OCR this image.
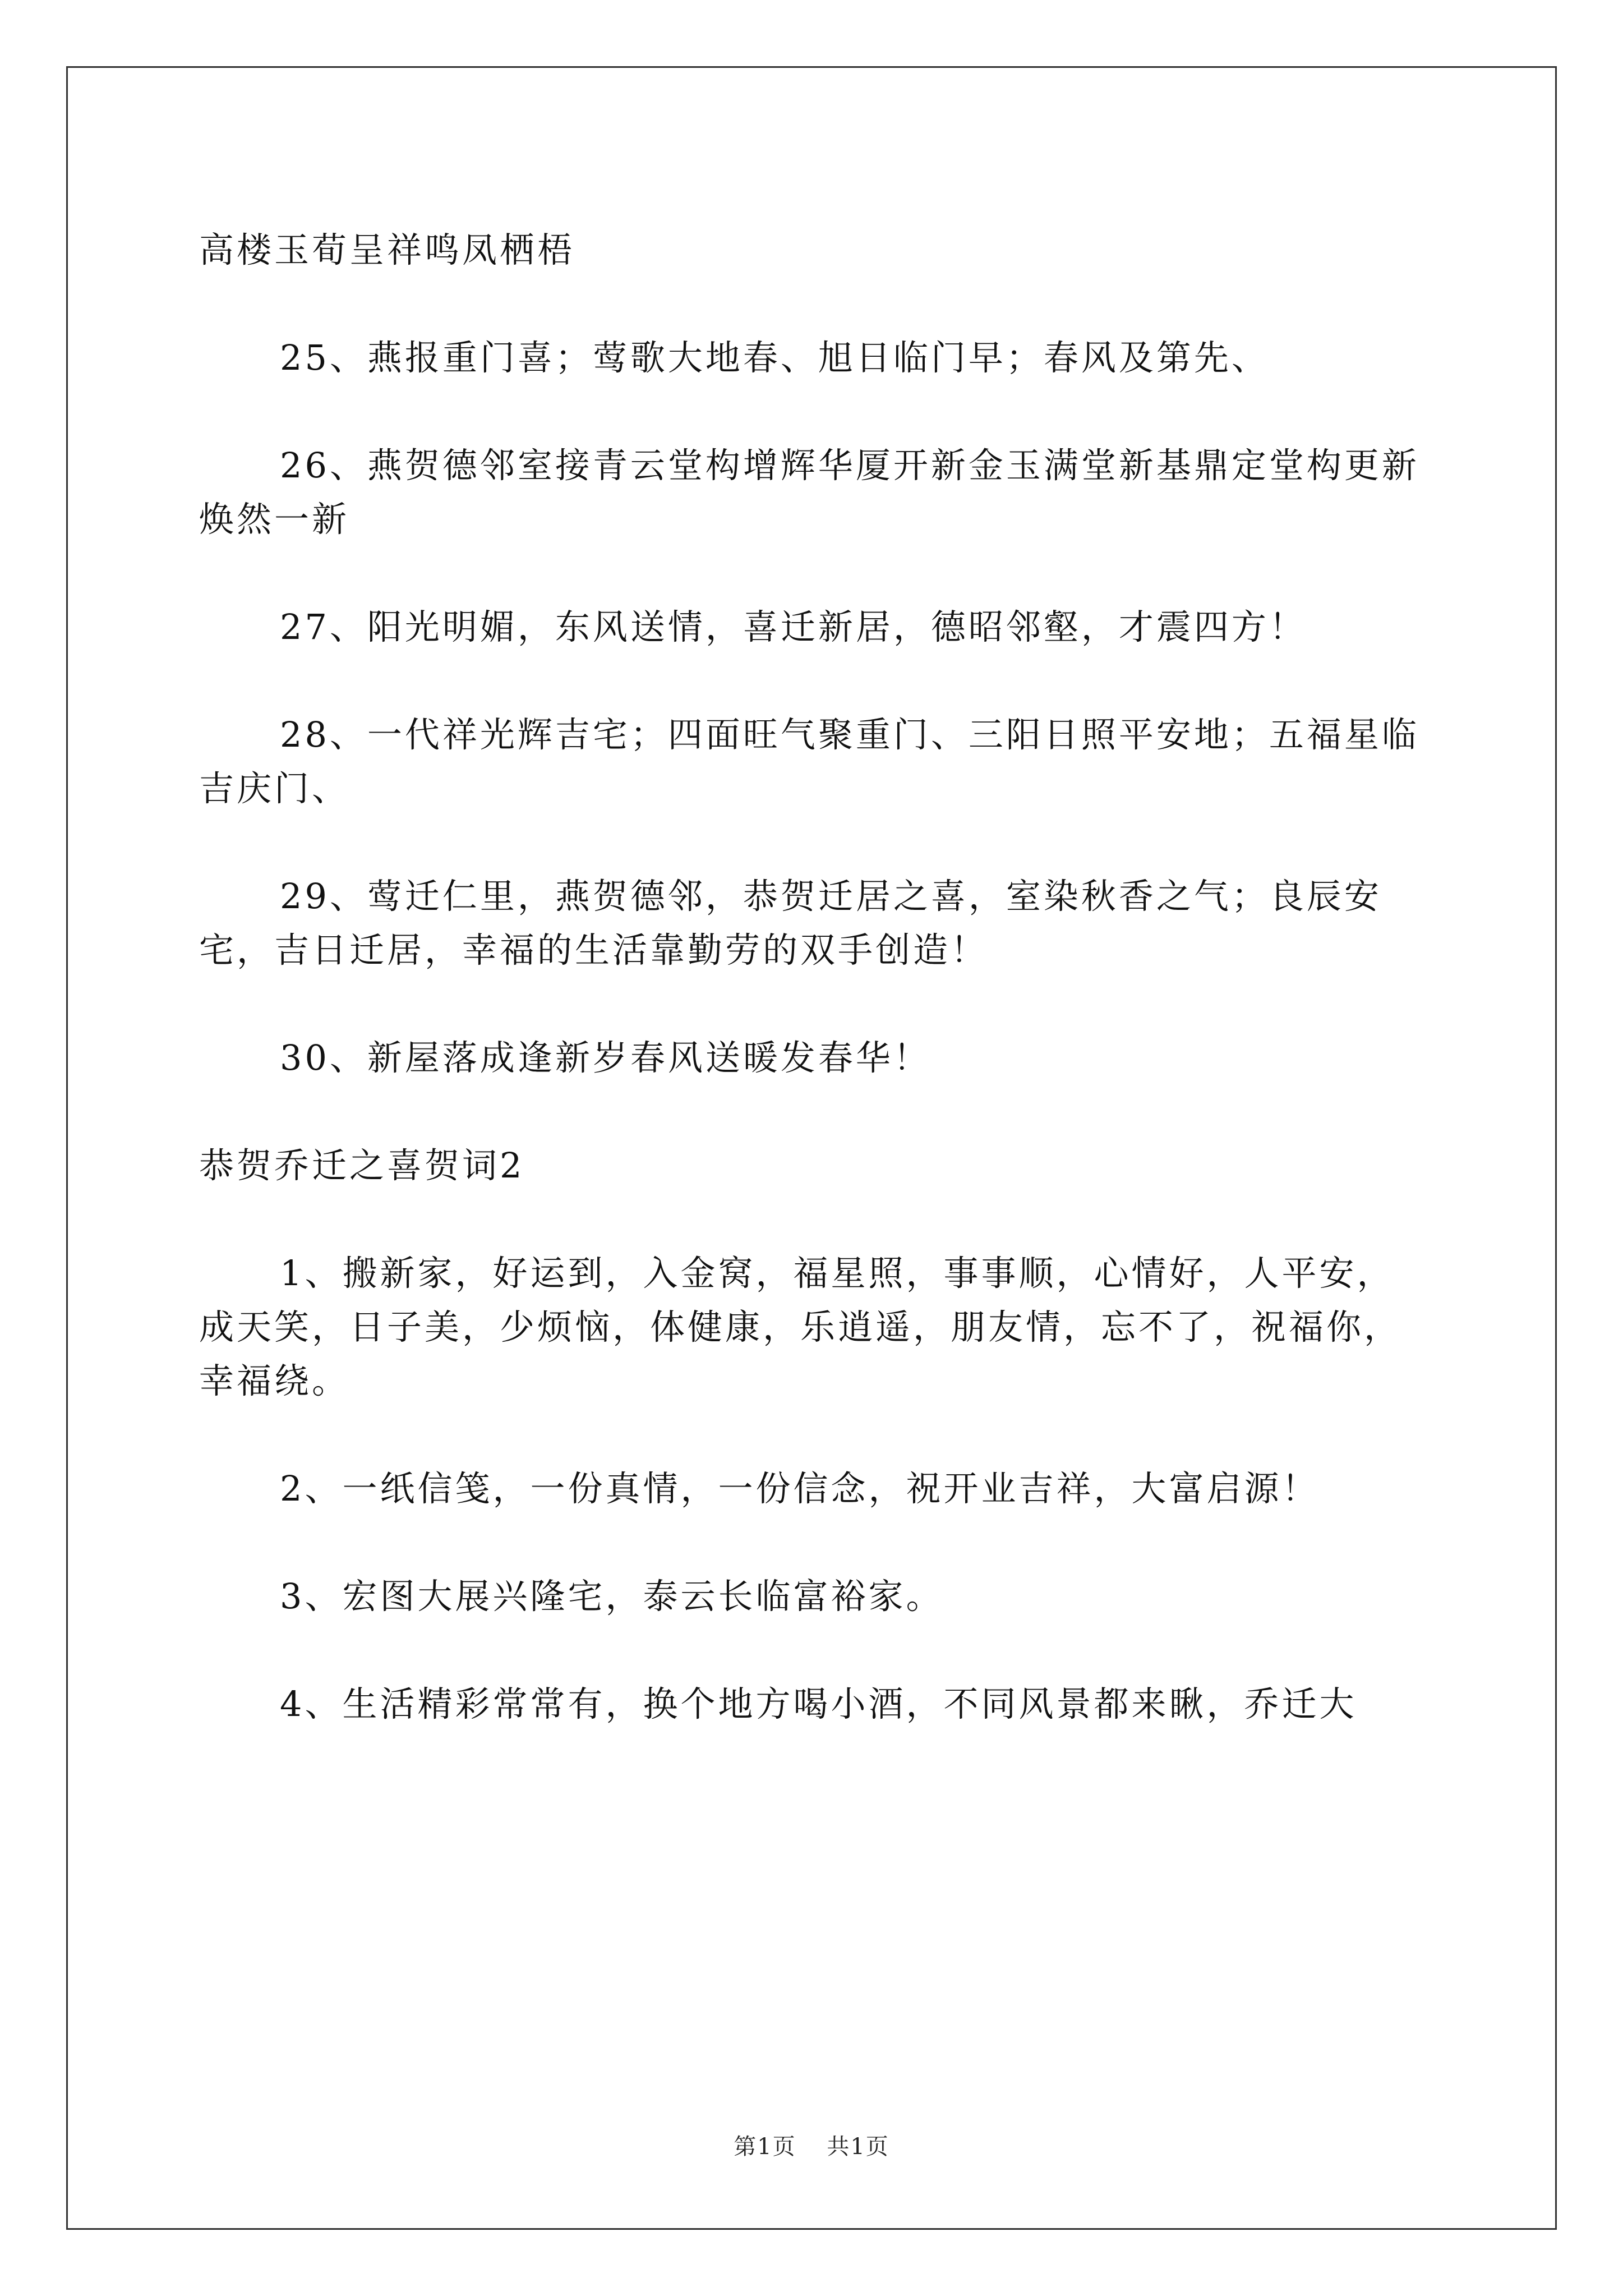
高楼玉荀呈祥鸣凤栖梧

25、燕报重门喜；莺歌大地春、旭日临门早；春风及第先、

26、燕贺德邻室接青云堂构增辉华厦开新金玉满堂新基鼎定堂构更新焕然一新

27、阳光明媚，东风送情，喜迁新居，德昭邻壑，才震四方！

28、一代祥光辉吉宅；四面旺气聚重门、三阳日照平安地；五福星临吉庆门、

29、莺迁仁里，燕贺德邻，恭贺迁居之喜，室染秋香之气；良辰安宅，吉日迁居，幸福的生活靠勤劳的双手创造！

30、新屋落成逢新岁春风送暖发春华！

恭贺乔迁之喜贺词2

1、搬新家，好运到，入金窝，福星照，事事顺，心情好，人平安，成天笑，日子美，少烦恼，体健康，乐逍遥，朋友情，忘不了，祝福你，幸福绕。

2、一纸信笺，一份真情，一份信念，祝开业吉祥，大富启源！

3、宏图大展兴隆宅，泰云长临富裕家。

4、生活精彩常常有，换个地方喝小酒，不同风景都来瞅，乔迁大

第1页 共1页
